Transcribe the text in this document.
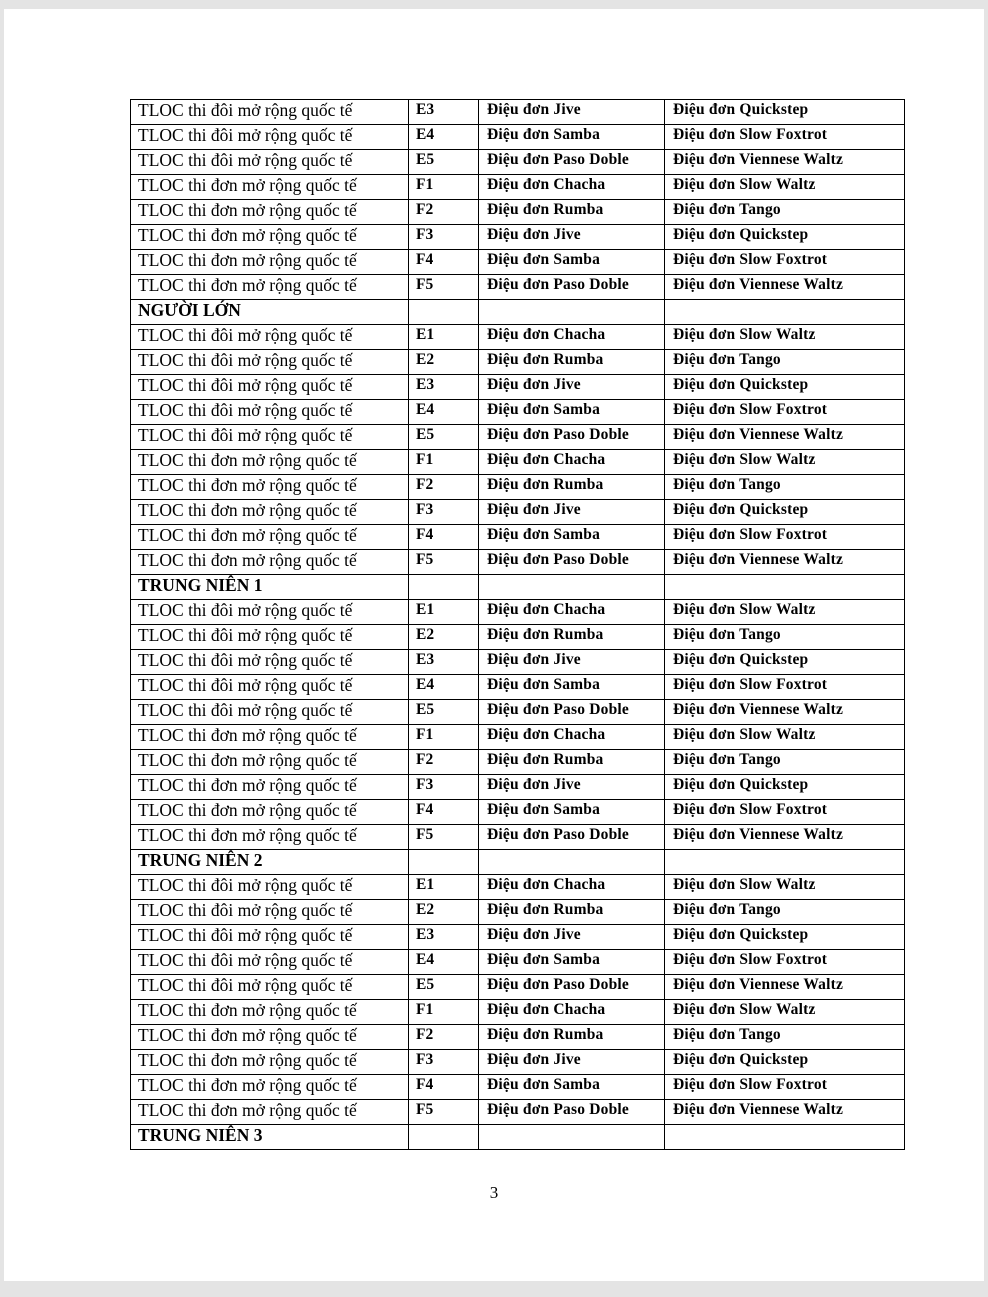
TLOC thi đôi mở rộng quốc tế	E3	Điệu đơn Jive	Điệu đơn Quickstep
TLOC thi đôi mở rộng quốc tế	E4	Điệu đơn Samba	Điệu đơn Slow Foxtrot
TLOC thi đôi mở rộng quốc tế	E5	Điệu đơn Paso Doble	Điệu đơn Viennese Waltz
TLOC thi đơn mở rộng quốc tế	F1	Điệu đơn Chacha	Điệu đơn Slow Waltz
TLOC thi đơn mở rộng quốc tế	F2	Điệu đơn Rumba	Điệu đơn Tango
TLOC thi đơn mở rộng quốc tế	F3	Điệu đơn Jive	Điệu đơn Quickstep
TLOC thi đơn mở rộng quốc tế	F4	Điệu đơn Samba	Điệu đơn Slow Foxtrot
TLOC thi đơn mở rộng quốc tế	F5	Điệu đơn Paso Doble	Điệu đơn Viennese Waltz
NGƯỜI LỚN			
TLOC thi đôi mở rộng quốc tế	E1	Điệu đơn Chacha	Điệu đơn Slow Waltz
TLOC thi đôi mở rộng quốc tế	E2	Điệu đơn Rumba	Điệu đơn Tango
TLOC thi đôi mở rộng quốc tế	E3	Điệu đơn Jive	Điệu đơn Quickstep
TLOC thi đôi mở rộng quốc tế	E4	Điệu đơn Samba	Điệu đơn Slow Foxtrot
TLOC thi đôi mở rộng quốc tế	E5	Điệu đơn Paso Doble	Điệu đơn Viennese Waltz
TLOC thi đơn mở rộng quốc tế	F1	Điệu đơn Chacha	Điệu đơn Slow Waltz
TLOC thi đơn mở rộng quốc tế	F2	Điệu đơn Rumba	Điệu đơn Tango
TLOC thi đơn mở rộng quốc tế	F3	Điệu đơn Jive	Điệu đơn Quickstep
TLOC thi đơn mở rộng quốc tế	F4	Điệu đơn Samba	Điệu đơn Slow Foxtrot
TLOC thi đơn mở rộng quốc tế	F5	Điệu đơn Paso Doble	Điệu đơn Viennese Waltz
TRUNG NIÊN 1			
TLOC thi đôi mở rộng quốc tế	E1	Điệu đơn Chacha	Điệu đơn Slow Waltz
TLOC thi đôi mở rộng quốc tế	E2	Điệu đơn Rumba	Điệu đơn Tango
TLOC thi đôi mở rộng quốc tế	E3	Điệu đơn Jive	Điệu đơn Quickstep
TLOC thi đôi mở rộng quốc tế	E4	Điệu đơn Samba	Điệu đơn Slow Foxtrot
TLOC thi đôi mở rộng quốc tế	E5	Điệu đơn Paso Doble	Điệu đơn Viennese Waltz
TLOC thi đơn mở rộng quốc tế	F1	Điệu đơn Chacha	Điệu đơn Slow Waltz
TLOC thi đơn mở rộng quốc tế	F2	Điệu đơn Rumba	Điệu đơn Tango
TLOC thi đơn mở rộng quốc tế	F3	Điệu đơn Jive	Điệu đơn Quickstep
TLOC thi đơn mở rộng quốc tế	F4	Điệu đơn Samba	Điệu đơn Slow Foxtrot
TLOC thi đơn mở rộng quốc tế	F5	Điệu đơn Paso Doble	Điệu đơn Viennese Waltz
TRUNG NIÊN 2			
TLOC thi đôi mở rộng quốc tế	E1	Điệu đơn Chacha	Điệu đơn Slow Waltz
TLOC thi đôi mở rộng quốc tế	E2	Điệu đơn Rumba	Điệu đơn Tango
TLOC thi đôi mở rộng quốc tế	E3	Điệu đơn Jive	Điệu đơn Quickstep
TLOC thi đôi mở rộng quốc tế	E4	Điệu đơn Samba	Điệu đơn Slow Foxtrot
TLOC thi đôi mở rộng quốc tế	E5	Điệu đơn Paso Doble	Điệu đơn Viennese Waltz
TLOC thi đơn mở rộng quốc tế	F1	Điệu đơn Chacha	Điệu đơn Slow Waltz
TLOC thi đơn mở rộng quốc tế	F2	Điệu đơn Rumba	Điệu đơn Tango
TLOC thi đơn mở rộng quốc tế	F3	Điệu đơn Jive	Điệu đơn Quickstep
TLOC thi đơn mở rộng quốc tế	F4	Điệu đơn Samba	Điệu đơn Slow Foxtrot
TLOC thi đơn mở rộng quốc tế	F5	Điệu đơn Paso Doble	Điệu đơn Viennese Waltz
TRUNG NIÊN 3			
3
